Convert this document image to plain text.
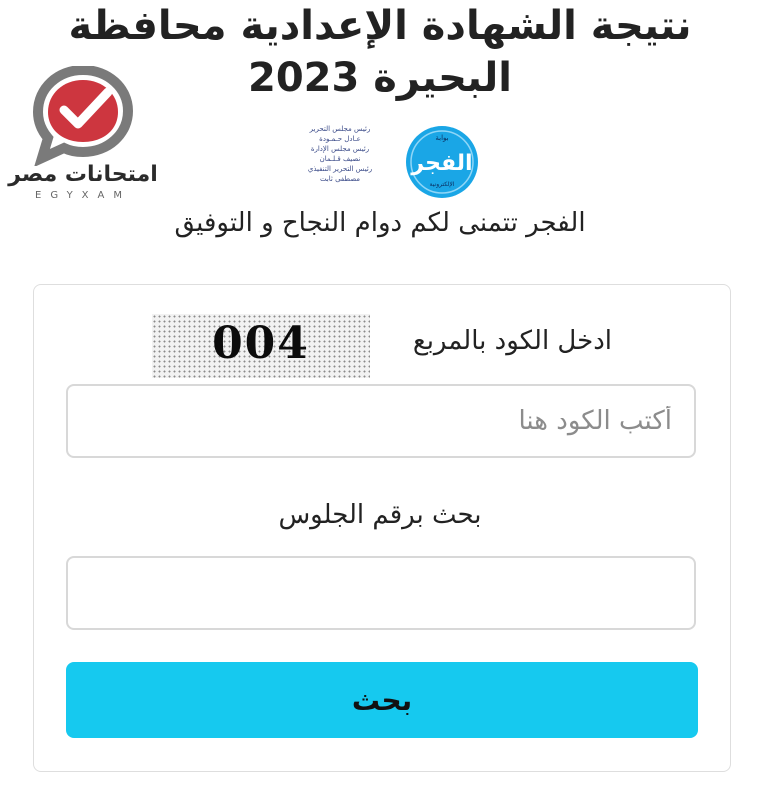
نتيجة الشهادة الإعدادية محافظة
البحيرة 2023
امتحانات مصر
EGYXAM
رئيس مجلس التحرير
عـادل حـمـودة
رئيس مجلس الإدارة
نصيف قـلـمان
رئيس التحرير التنفيذي
مصطفى ثابت
بوابة
الفجر
الإلكترونية
الفجر تتمنى لكم دوام النجاح و التوفيق
004	ادخل الكود بالمربع
أكتب الكود هنا
بحث برقم الجلوس
بحث
